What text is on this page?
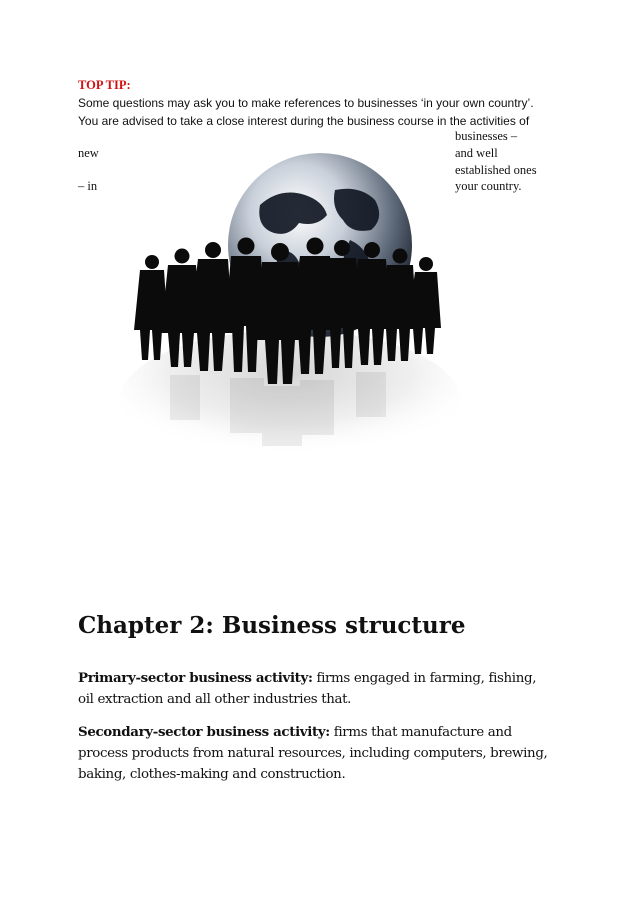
TOP TIP:
Some questions may ask you to make references to businesses ‘in your own country’.
You are advised to take a close interest during the business course in the activities of
new
– in
businesses –
and well
established ones
your country.
Chapter 2: Business structure
Primary-sector business activity: firms engaged in farming, fishing,
oil extraction and all other industries that.
Secondary-sector business activity: firms that manufacture and
process products from natural resources, including computers, brewing,
baking, clothes-making and construction.
